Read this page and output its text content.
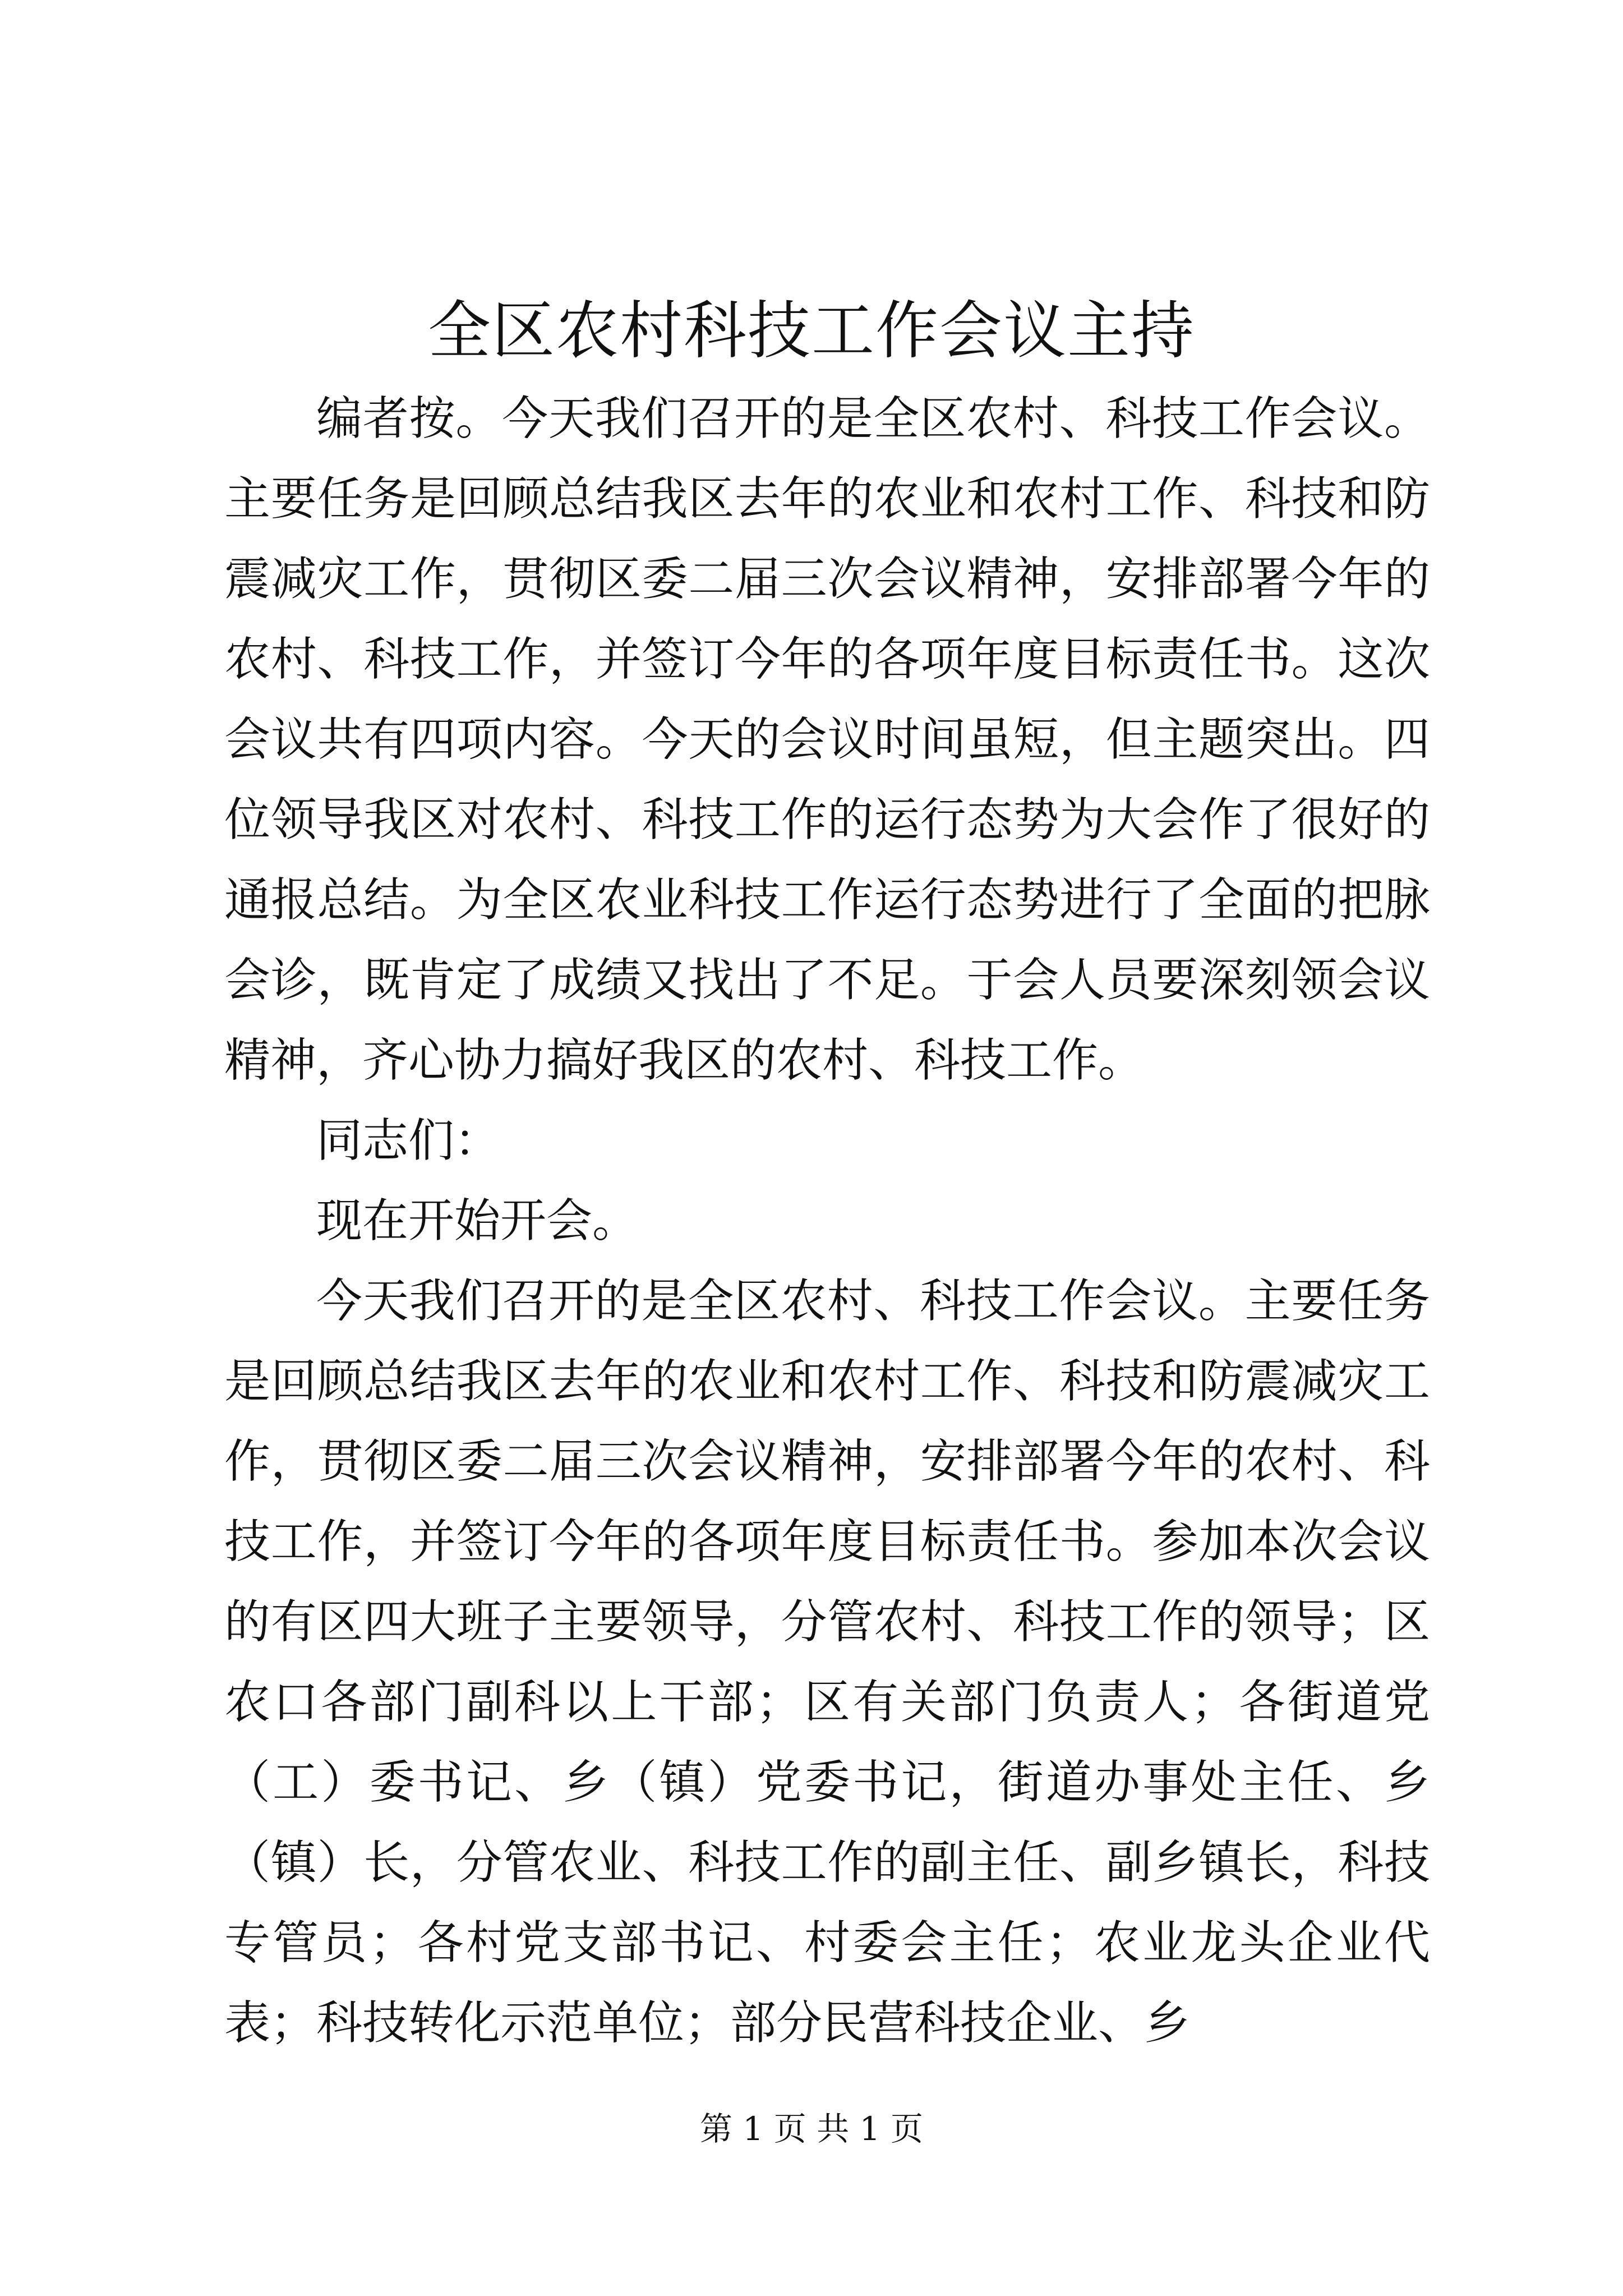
全区农村科技工作会议主持

编者按。今天我们召开的是全区农村、科技工作会议。主要任务是回顾总结我区去年的农业和农村工作、科技和防震减灾工作，贯彻区委二届三次会议精神，安排部署今年的农村、科技工作，并签订今年的各项年度目标责任书。这次会议共有四项内容。今天的会议时间虽短，但主题突出。四位领导我区对农村、科技工作的运行态势为大会作了很好的通报总结。为全区农业科技工作运行态势进行了全面的把脉会诊，既肯定了成绩又找出了不足。于会人员要深刻领会议精神，齐心协力搞好我区的农村、科技工作。

同志们：

现在开始开会。

今天我们召开的是全区农村、科技工作会议。主要任务是回顾总结我区去年的农业和农村工作、科技和防震减灾工作，贯彻区委二届三次会议精神，安排部署今年的农村、科技工作，并签订今年的各项年度目标责任书。参加本次会议的有区四大班子主要领导，分管农村、科技工作的领导；区农口各部门副科以上干部；区有关部门负责人；各街道党（工）委书记、乡（镇）党委书记，街道办事处主任、乡（镇）长，分管农业、科技工作的副主任、副乡镇长，科技专管员；各村党支部书记、村委会主任；农业龙头企业代表；科技转化示范单位；部分民营科技企业、乡

第 1 页 共 1 页
